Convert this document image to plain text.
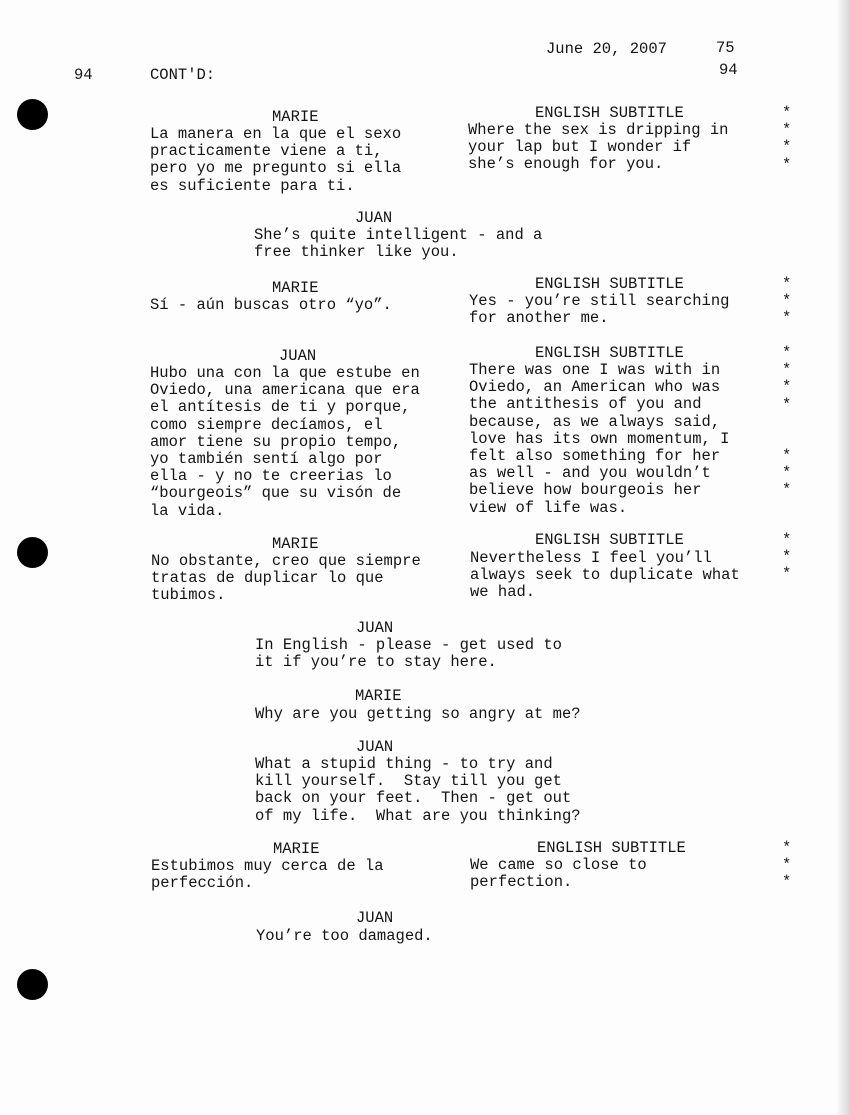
June 20, 2007	75
94
94	CONT'D:
MARIE
La manera en la que el sexo
practicamente viene a ti,
pero yo me pregunto si ella
es suficiente para ti.
ENGLISH SUBTITLE
Where the sex is dripping in
your lap but I wonder if
she’s enough for you.
*
*
*
*
JUAN
She’s quite intelligent - and a
free thinker like you.
MARIE
Sí - aún buscas otro “yo”.
ENGLISH SUBTITLE
Yes - you’re still searching
for another me.
*
*
*
JUAN
Hubo una con la que estube en
Oviedo, una americana que era
el antítesis de ti y porque,
como siempre decíamos, el
amor tiene su propio tempo,
yo también sentí algo por
ella - y no te creerias lo
“bourgeois” que su visón de
la vida.
ENGLISH SUBTITLE
There was one I was with in
Oviedo, an American who was
the antithesis of you and
because, as we always said,
love has its own momentum, I
felt also something for her
as well - and you wouldn’t
believe how bourgeois her
view of life was.
*
*
*
*
*
*
*
MARIE
No obstante, creo que siempre
tratas de duplicar lo que
tubimos.
ENGLISH SUBTITLE
Nevertheless I feel you’ll
always seek to duplicate what
we had.
*
*
*
JUAN
In English - please - get used to
it if you’re to stay here.
MARIE
Why are you getting so angry at me?
JUAN
What a stupid thing - to try and
kill yourself.  Stay till you get
back on your feet.  Then - get out
of my life.  What are you thinking?
MARIE
Estubimos muy cerca de la
perfección.
ENGLISH SUBTITLE
We came so close to
perfection.
*
*
*
JUAN
You’re too damaged.
